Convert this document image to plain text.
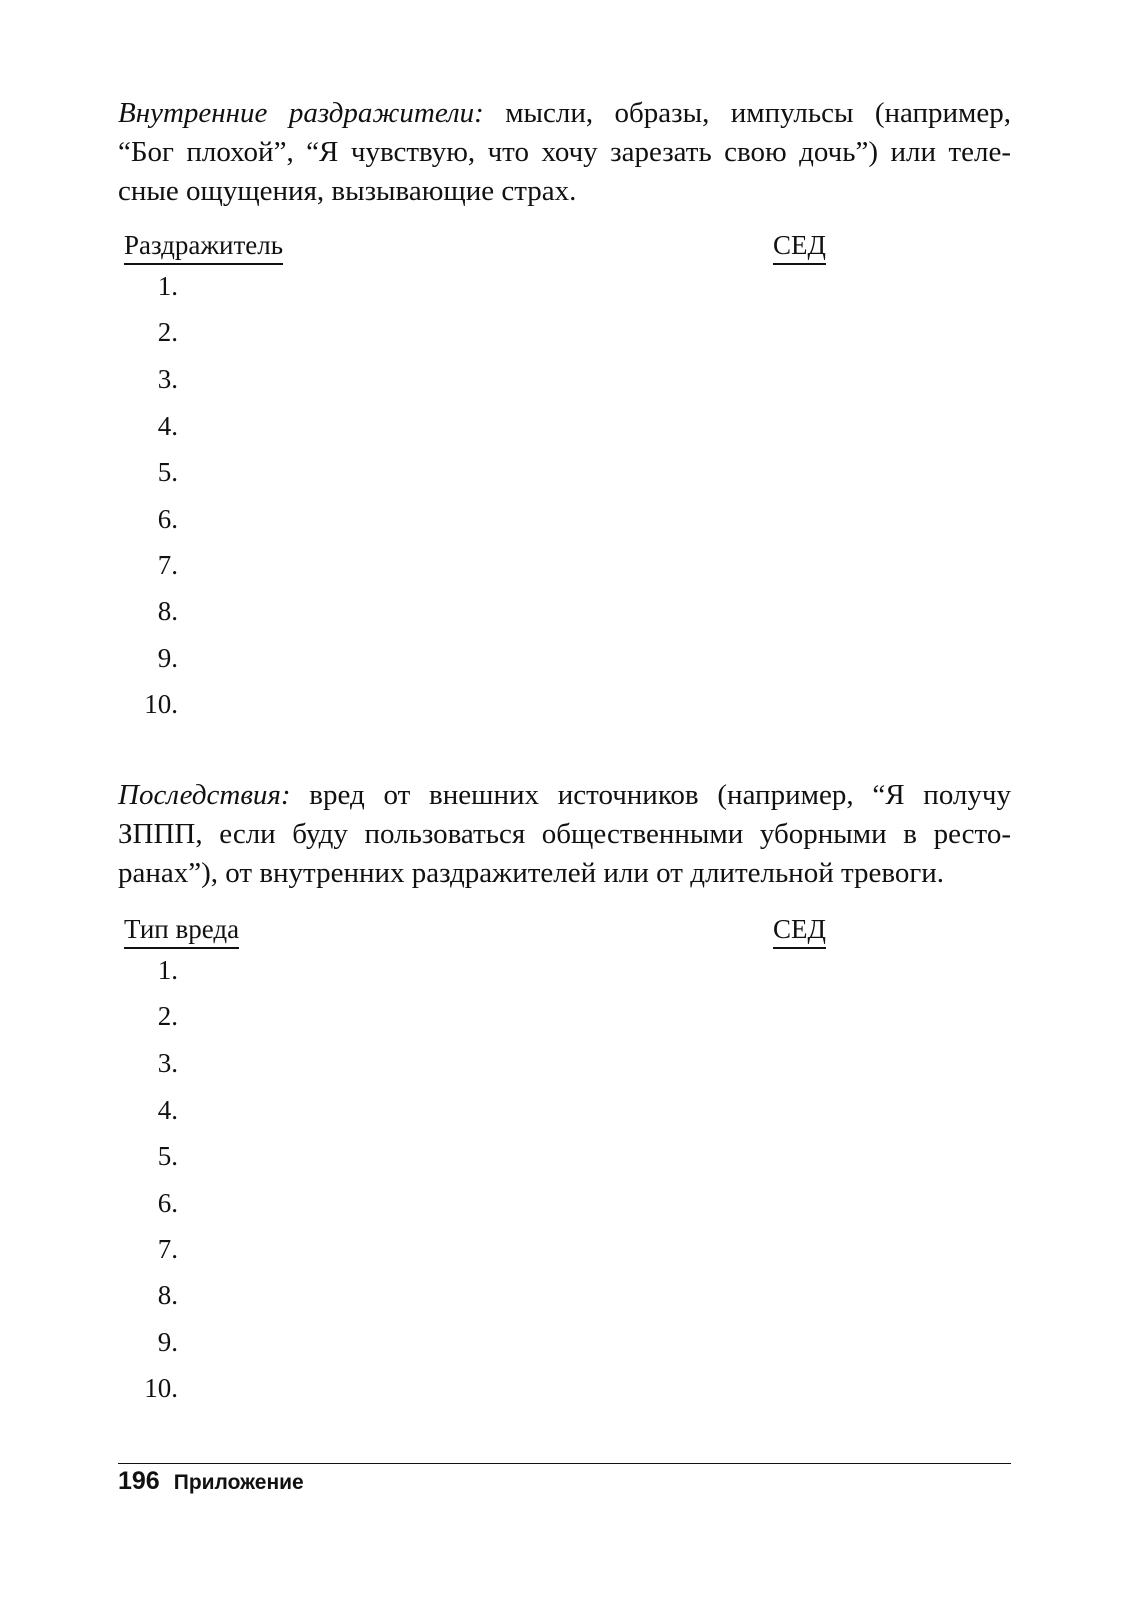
Внутренние раздражители: мысли, образы, импульсы (например,
“Бог плохой”, “Я чувствую, что хочу зарезать свою дочь”) или теле-
сные ощущения, вызывающие страх.

Раздражитель	СЕД
1.
2.
3.
4.
5.
6.
7.
8.
9.
10.

Последствия: вред от внешних источников (например, “Я получу
ЗППП, если буду пользоваться общественными уборными в ресто-
ранах”), от внутренних раздражителей или от длительной тревоги.

Тип вреда	СЕД
1.
2.
3.
4.
5.
6.
7.
8.
9.
10.
196 Приложение
